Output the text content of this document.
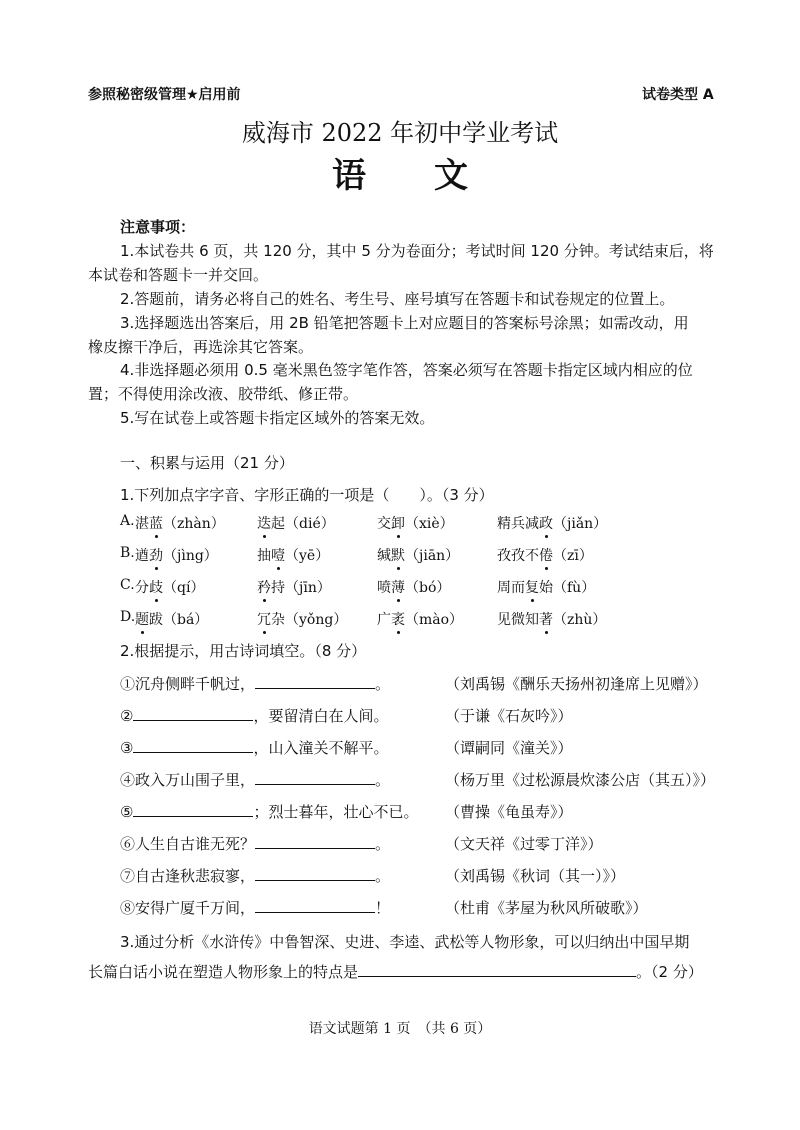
参照秘密级管理★启用前	试卷类型 A
威海市 2022 年初中学业考试
语　　文
注意事项：
1.本试卷共 6 页，共 120 分，其中 5 分为卷面分；考试时间 120 分钟。考试结束后，将
本试卷和答题卡一并交回。
2.答题前，请务必将自己的姓名、考生号、座号填写在答题卡和试卷规定的位置上。
3.选择题选出答案后，用 2B 铅笔把答题卡上对应题目的答案标号涂黑；如需改动，用
橡皮擦干净后，再选涂其它答案。
4.非选择题必须用 0.5 毫米黑色签字笔作答，答案必须写在答题卡指定区域内相应的位
置；不得使用涂改液、胶带纸、修正带。
5.写在试卷上或答题卡指定区域外的答案无效。
一、积累与运用（21 分）
1.下列加点字字音、字形正确的一项是（　　）。（3 分）
A. 湛蓝（zhàn） 迭起（dié）	交卸（xiè）	精兵减政（jiǎn）
B. 遒劲（jìng）	抽噎（yē）	缄默（jiān）	孜孜不倦（zī）
C. 分歧（qí）	矜持（jīn）	喷薄（bó）	周而复始（fù）
D. 题跋（bá）	冗杂（yǒng） 广袤（mào） 见微知著（zhù）
2.根据提示，用古诗词填空。（8 分）
①沉舟侧畔千帆过，	。	（刘禹锡《酬乐天扬州初逢席上见赠》）
②	，要留清白在人间。	（于谦《石灰吟》）
③	，山入潼关不解平。	（谭嗣同《潼关》）
④政入万山围子里，	。	（杨万里《过松源晨炊漆公店（其五）》）
⑤	；烈士暮年，壮心不已。 （曹操《龟虽寿》）
⑥人生自古谁无死？	。	（文天祥《过零丁洋》）
⑦自古逢秋悲寂寥，	。	（刘禹锡《秋词（其一）》）
⑧安得广厦千万间，	！	（杜甫《茅屋为秋风所破歌》）
3.通过分析《水浒传》中鲁智深、史进、李逵、武松等人物形象，可以归纳出中国早期
长篇白话小说在塑造人物形象上的特点是	。（2 分）
语文试题第 1 页　（共 6 页）
